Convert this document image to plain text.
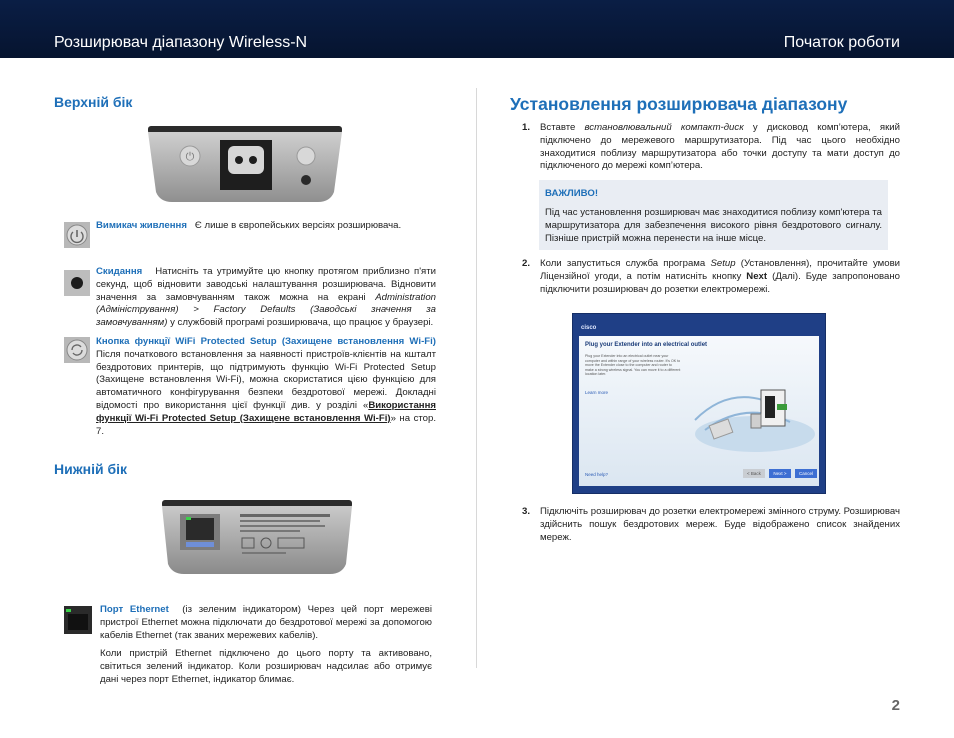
Розширювач діапазону Wireless-N	Початок роботи
Верхній бік
⏻
Вимикач живлення Є лише в європейських версіях розширювача.
Скидання Натисніть та утримуйте цю кнопку протягом приблизно п'яти секунд, щоб відновити заводські налаштування розширювача. Відновити значення за замовчуванням також можна на екрані Administration (Адміністрування) > Factory Defaults (Заводські значення за замовчуванням) у службовій програмі розширювача, що працює у браузері.
Кнопка функції WiFi Protected Setup (Захищене встановлення Wi-Fi) Після початкового встановлення за наявності пристроїв-клієнтів на кшталт бездротових принтерів, що підтримують функцію Wi-Fi Protected Setup (Захищене встановлення Wi-Fi), можна скористатися цією функцією для автоматичного конфігурування безпеки бездротової мережі. Докладні відомості про використання цієї функції див. у розділі «Використання функції Wi-Fi Protected Setup (Захищене встановлення Wi-Fi)» на стор. 7.
Нижній бік
Порт Ethernet (із зеленим індикатором) Через цей порт мережеві пристрої Ethernet можна підключати до бездротової мережі за допомогою кабелів Ethernet (так званих мережевих кабелів).
Коли пристрій Ethernet підключено до цього порту та активовано, світиться зелений індикатор. Коли розширювач надсилає або отримує дані через порт Ethernet, індикатор блимає.
Установлення розширювача діапазону
1. Вставте встановлювальний компакт-диск у дисковод комп’ютера, який підключено до мережевого маршрутизатора. Під час цього необхідно знаходитися поблизу маршрутизатора або точки доступу та мати доступ до підключеного до мережі комп’ютера.
ВАЖЛИВО!
Під час установлення розширювач має знаходитися поблизу комп'ютера та маршрутизатора для забезпечення високого рівня бездротового сигналу. Пізніше пристрій можна перенести на інше місце.
2. Коли запуститься служба програма Setup (Установлення), прочитайте умови Ліцензійної угоди, а потім натисніть кнопку Next (Далі). Буде запропоновано підключити розширювач до розетки електромережі.
cisco
Plug your Extender into an electrical outlet
Plug your Extender into an electrical outlet near your computer and within range of your wireless router. It's OK to move the Extender close to the computer and router to make a strong wireless signal. You can move it to a different location later.
Learn more
Need help?	< Back	Next >	Cancel
3. Підключіть розширювач до розетки електромережі змінного струму. Розширювач здійснить пошук бездротових мереж. Буде відображено список знайдених мереж.
2
